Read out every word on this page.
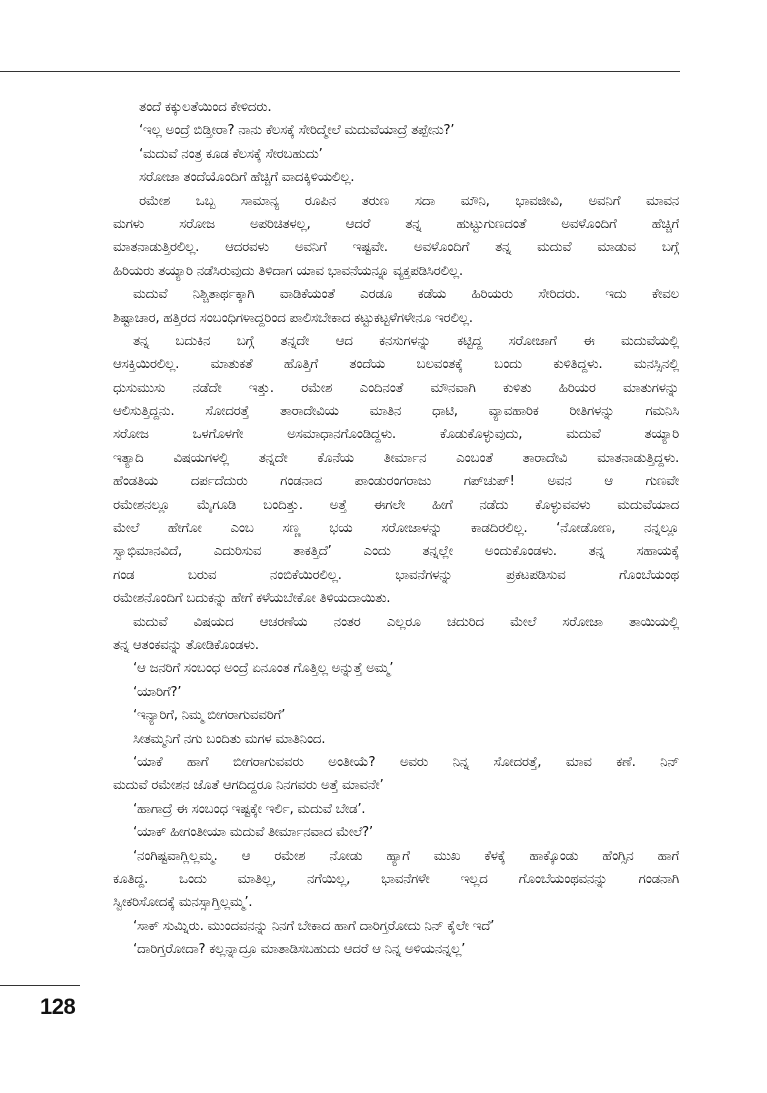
ತಂದೆ ಕಕ್ಕುಲತೆಯಿಂದ ಕೇಳಿದರು.
‘ಇಲ್ಲ ಅಂದ್ರೆ ಬಿಡ್ತೀರಾ? ನಾನು ಕೆಲಸಕ್ಕೆ ಸೇರಿದ್ಮೇಲೆ ಮದುವೆಯಾದ್ರೆ ತಪ್ಪೇನು?’
‘ಮದುವೆ ನಂತ್ರ ಕೂಡ ಕೆಲಸಕ್ಕೆ ಸೇರಬಹುದು’
ಸರೋಜಾ ತಂದೆಯೊಂದಿಗೆ ಹೆಚ್ಚಿಗೆ ವಾದಕ್ಕಿಳಿಯಲಿಲ್ಲ.
ರಮೇಶ ಒಬ್ಬ ಸಾಮಾನ್ಯ ರೂಪಿನ ತರುಣ ಸದಾ ಮೌನಿ, ಭಾವಜೀವಿ, ಅವನಿಗೆ ಮಾವನ
ಮಗಳು ಸರೋಜ ಅಪರಿಚಿತಳಲ್ಲ, ಆದರೆ ತನ್ನ ಹುಟ್ಟುಗುಣದಂತೆ ಅವಳೊಂದಿಗೆ ಹೆಚ್ಚಿಗೆ
ಮಾತನಾಡುತ್ತಿರಲಿಲ್ಲ. ಆದರವಳು ಅವನಿಗೆ ಇಷ್ಟವೇ. ಅವಳೊಂದಿಗೆ ತನ್ನ ಮದುವೆ ಮಾಡುವ ಬಗ್ಗೆ
ಹಿರಿಯರು ತಯ್ಯಾರಿ ನಡೆಸಿರುವುದು ತಿಳಿದಾಗ ಯಾವ ಭಾವನೆಯನ್ನೂ ವ್ಯಕ್ತಪಡಿಸಿರಲಿಲ್ಲ.
ಮದುವೆ ನಿಶ್ಚಿತಾರ್ಥಕ್ಕಾಗಿ ವಾಡಿಕೆಯಂತೆ ಎರಡೂ ಕಡೆಯ ಹಿರಿಯರು ಸೇರಿದರು. ಇದು ಕೇವಲ
ಶಿಷ್ಟಾಚಾರ, ಹತ್ತಿರದ ಸಂಬಂಧಿಗಳಾದ್ದರಿಂದ ಪಾಲಿಸಬೇಕಾದ ಕಟ್ಟುಕಟ್ಟಳೆಗಳೇನೂ ಇರಲಿಲ್ಲ.
ತನ್ನ ಬದುಕಿನ ಬಗ್ಗೆ ತನ್ನದೇ ಆದ ಕನಸುಗಳನ್ನು ಕಟ್ಟಿದ್ದ ಸರೋಜಾಗೆ ಈ ಮದುವೆಯಲ್ಲಿ
ಆಸಕ್ತಿಯಿರಲಿಲ್ಲ. ಮಾತುಕತೆ ಹೊತ್ತಿಗೆ ತಂದೆಯ ಬಲವಂತಕ್ಕೆ ಬಂದು ಕುಳಿತಿದ್ದಳು. ಮನಸ್ಸಿನಲ್ಲಿ
ಧುಸುಮುಸು ನಡೆದೇ ಇತ್ತು. ರಮೇಶ ಎಂದಿನಂತೆ ಮೌನವಾಗಿ ಕುಳಿತು ಹಿರಿಯರ ಮಾತುಗಳನ್ನು
ಆಲಿಸುತ್ತಿದ್ದನು. ಸೋದರತ್ತೆ ತಾರಾದೇವಿಯ ಮಾತಿನ ಧಾಟಿ, ವ್ಯಾವಹಾರಿಕ ರೀತಿಗಳನ್ನು ಗಮನಿಸಿ
ಸರೋಜ ಒಳಗೊಳಗೇ ಅಸಮಾಧಾನಗೊಂಡಿದ್ದಳು. ಕೊಡುಕೊಳ್ಳುವುದು, ಮದುವೆ ತಯ್ಯಾರಿ
ಇತ್ಯಾದಿ ವಿಷಯಗಳಲ್ಲಿ ತನ್ನದೇ ಕೊನೆಯ ತೀರ್ಮಾನ ಎಂಬಂತೆ ತಾರಾದೇವಿ ಮಾತನಾಡುತ್ತಿದ್ದಳು.
ಹೆಂಡತಿಯ ದರ್ಪದೆದುರು ಗಂಡನಾದ ಪಾಂಡುರಂಗರಾಜು ಗಪ್‌ಚುಪ್! ಅವನ ಆ ಗುಣವೇ
ರಮೇಶನಲ್ಲೂ ಮೈಗೂಡಿ ಬಂದಿತ್ತು. ಅತ್ತೆ ಈಗಲೇ ಹೀಗೆ ನಡೆದು ಕೊಳ್ಳುವವಳು ಮದುವೆಯಾದ
ಮೇಲೆ ಹೇಗೋ ಎಂಬ ಸಣ್ಣ ಭಯ ಸರೋಜಾಳನ್ನು ಕಾಡದಿರಲಿಲ್ಲ. ‘ನೋಡೋಣ, ನನ್ನಲ್ಲೂ
ಸ್ವಾಭಿಮಾನವಿದೆ, ಎದುರಿಸುವ ತಾಕತ್ತಿದೆ’ ಎಂದು ತನ್ನಲ್ಲೇ ಅಂದುಕೊಂಡಳು. ತನ್ನ ಸಹಾಯಕ್ಕೆ
ಗಂಡ ಬರುವ ನಂಬಿಕೆಯಿರಲಿಲ್ಲ. ಭಾವನೆಗಳನ್ನು ಪ್ರಕಟಪಡಿಸುವ ಗೊಂಬೆಯಂಥ
ರಮೇಶನೊಂದಿಗೆ ಬದುಕನ್ನು ಹೇಗೆ ಕಳೆಯಬೇಕೋ ತಿಳಿಯದಾಯಿತು.
ಮದುವೆ ವಿಷಯದ ಆಚರಣೆಯ ನಂತರ ಎಲ್ಲರೂ ಚದುರಿದ ಮೇಲೆ ಸರೋಜಾ ತಾಯಿಯಲ್ಲಿ
ತನ್ನ ಆತಂಕವನ್ನು ತೋಡಿಕೊಂಡಳು.
‘ಆ ಜನರಿಗೆ ಸಂಬಂಧ ಅಂದ್ರೆ ಏನೂಂತ ಗೊತ್ತಿಲ್ಲ ಅನ್ನುತ್ತೆ ಅಮ್ಮ’
‘ಯಾರಿಗೆ?’
‘ಇನ್ಯಾರಿಗೆ, ನಿಮ್ಮ ಬೀಗರಾಗುವವರಿಗೆ’
ಸೀತಮ್ಮನಿಗೆ ನಗು ಬಂದಿತು ಮಗಳ ಮಾತಿನಿಂದ.
‘ಯಾಕೆ ಹಾಗೆ ಬೀಗರಾಗುವವರು ಅಂತೀಯೆ? ಅವರು ನಿನ್ನ ಸೋದರತ್ತೆ, ಮಾವ ಕಣೆ. ನಿನ್
ಮದುವೆ ರಮೇಶನ ಜೊತೆ ಆಗದಿದ್ದರೂ ನಿನಗವರು ಅತ್ತೆ ಮಾವನೇ’
‘ಹಾಗಾದ್ರೆ ಈ ಸಂಬಂಧ ಇಷ್ಟಕ್ಕೇ ಇರ್ಲಿ, ಮದುವೆ ಬೇಡ’.
‘ಯಾಕ್ ಹೀಗಂತೀಯಾ ಮದುವೆ ತೀರ್ಮಾನವಾದ ಮೇಲೆ?’
‘ನಂಗಿಷ್ಟವಾಗ್ಲಿಲ್ಲಮ್ಮ. ಆ ರಮೇಶ ನೋಡು ಹ್ಯಾಗೆ ಮುಖ ಕೆಳಕ್ಕೆ ಹಾಕ್ಕೊಂಡು ಹೆಂಗ್ಸಿನ ಹಾಗೆ
ಕೂತಿದ್ದ. ಒಂದು ಮಾತಿಲ್ಲ, ನಗೆಯಿಲ್ಲ, ಭಾವನೆಗಳೇ ಇಲ್ಲದ ಗೊಂಬೆಯಂಥವನನ್ನು ಗಂಡನಾಗಿ
ಸ್ವೀಕರಿಸೋದಕ್ಕೆ ಮನಸ್ಸಾಗ್ತಿಲ್ಲಮ್ಮ’.
‘ಸಾಕ್ ಸುಮ್ನಿರು. ಮುಂದವನನ್ನು ನಿನಗೆ ಬೇಕಾದ ಹಾಗೆ ದಾರಿಗ್ತರೋದು ನಿನ್ ಕೈಲೇ ಇದೆ’
‘ದಾರಿಗ್ತರೋದಾ? ಕಲ್ಲನ್ನಾದ್ರೂ ಮಾತಾಡಿಸಬಹುದು ಆದರೆ ಆ ನಿನ್ನ ಅಳಿಯನನ್ನಲ್ಲ’
128
